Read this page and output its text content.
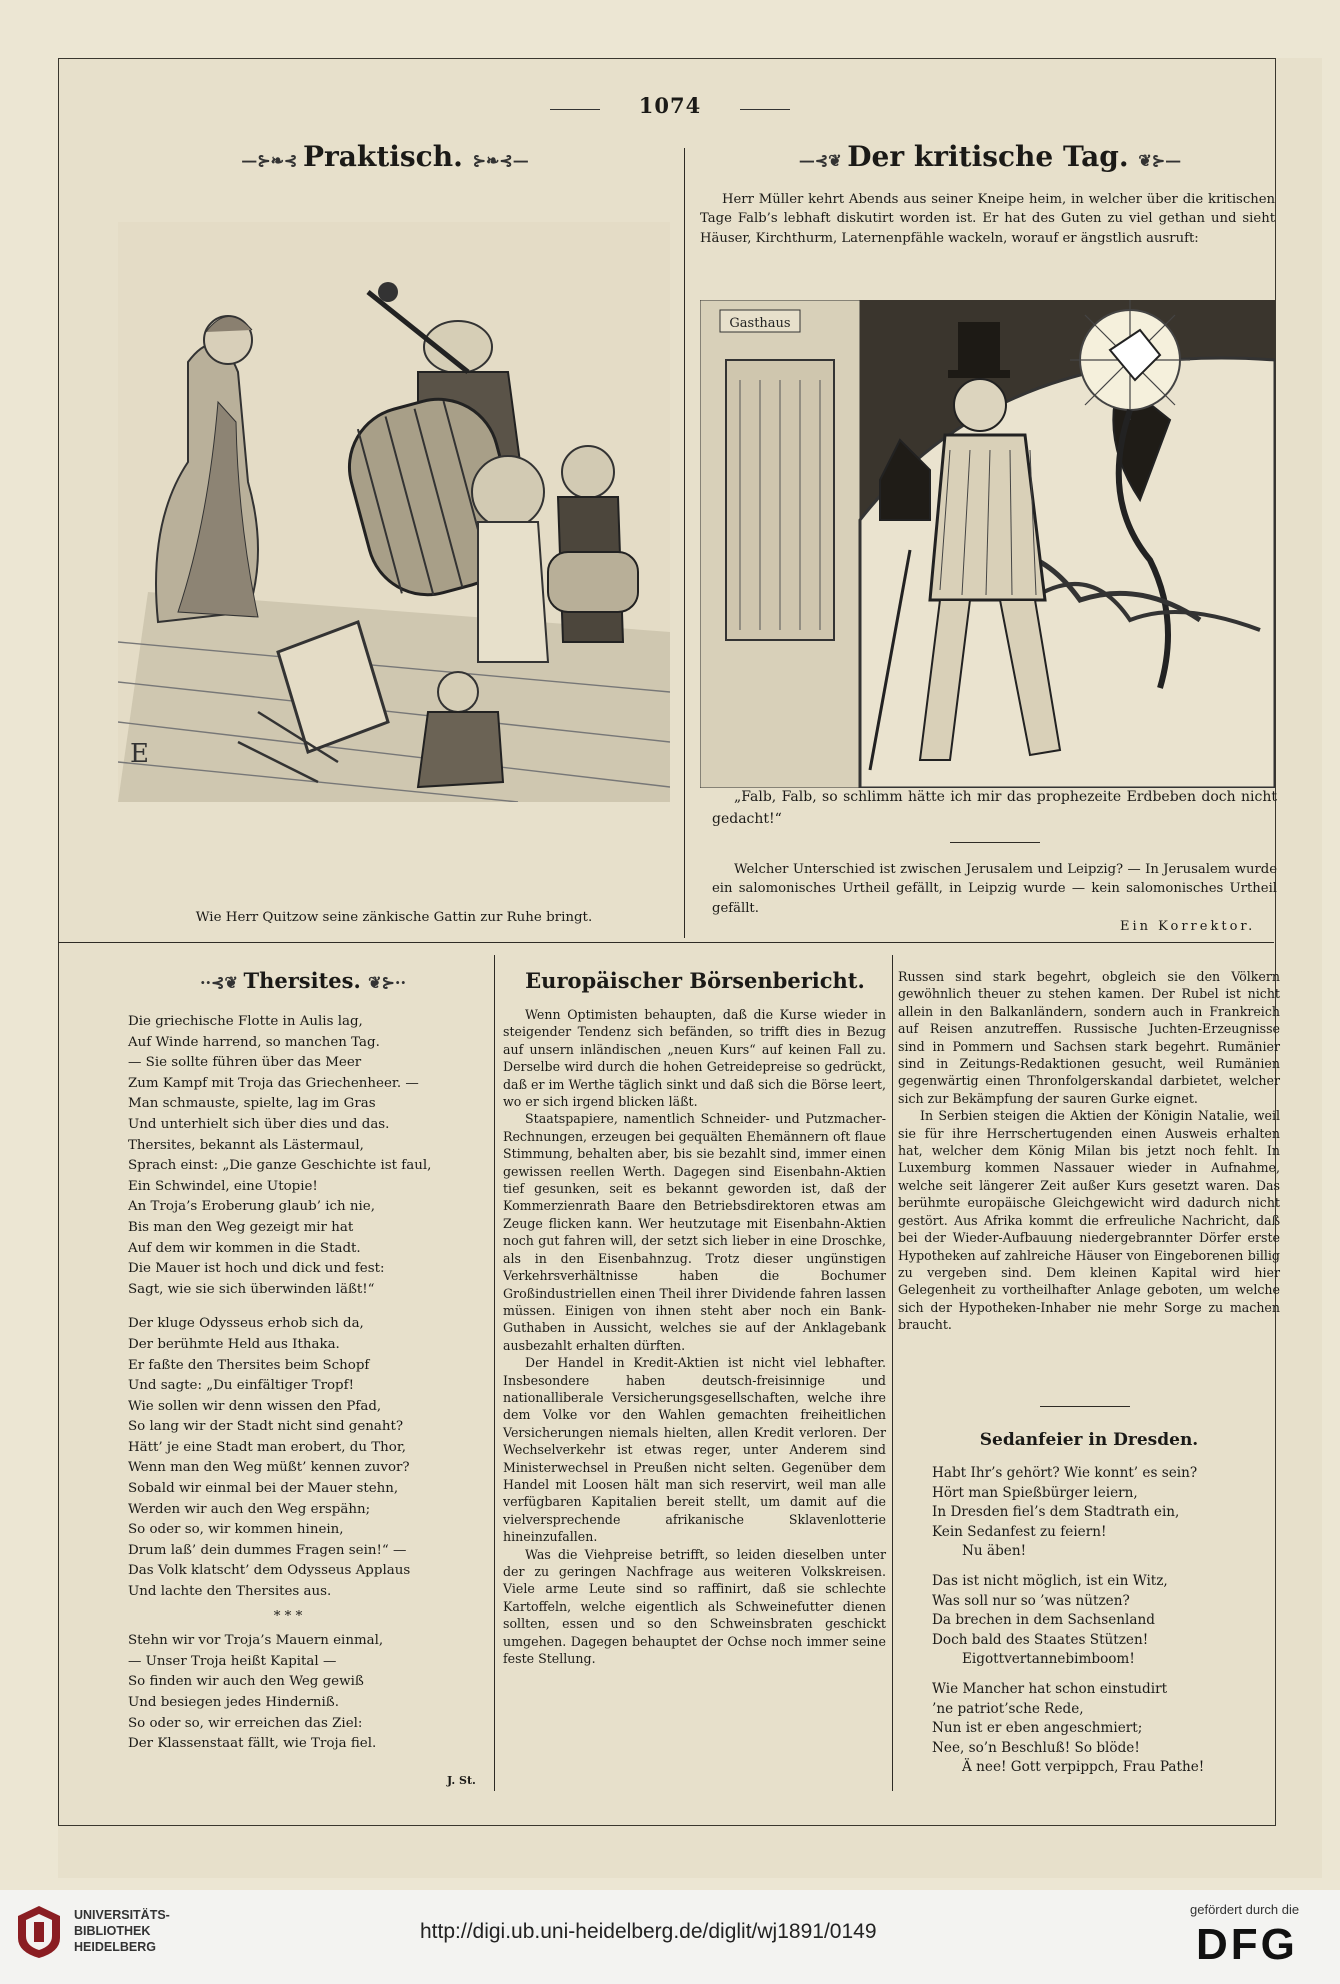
1074
—⊱❧⊰ Praktisch. ⊱❧⊰—
E
Wie Herr Quitzow seine zänkische Gattin zur Ruhe bringt.
—⊰❦ Der kritische Tag. ❦⊱—

Herr Müller kehrt Abends aus seiner Kneipe heim, in welcher über die kritischen Tage Falb’s lebhaft diskutirt worden ist. Er hat des Guten zu viel gethan und sieht Häuser, Kirchthurm, Laternenpfähle wackeln, worauf er ängstlich ausruft:

Gasthaus

„Falb, Falb, so schlimm hätte ich mir das prophezeite Erdbeben doch nicht gedacht!“

Welcher Unterschied ist zwischen Jerusalem und Leipzig? — In Jerusalem wurde ein salomonisches Urtheil gefällt, in Leipzig wurde — kein salomonisches Urtheil gefällt.

Ein Korrektor.
··⊰❦ Thersites. ❦⊱··
Die griechische Flotte in Aulis lag,
Auf Winde harrend, so manchen Tag.
— Sie sollte führen über das Meer
Zum Kampf mit Troja das Griechenheer. —
Man schmauste, spielte, lag im Gras
Und unterhielt sich über dies und das.
Thersites, bekannt als Lästermaul,
Sprach einst: „Die ganze Geschichte ist faul,
Ein Schwindel, eine Utopie!
An Troja’s Eroberung glaub’ ich nie,
Bis man den Weg gezeigt mir hat
Auf dem wir kommen in die Stadt.
Die Mauer ist hoch und dick und fest:
Sagt, wie sie sich überwinden läßt!“
Der kluge Odysseus erhob sich da,
Der berühmte Held aus Ithaka.
Er faßte den Thersites beim Schopf
Und sagte: „Du einfältiger Tropf!
Wie sollen wir denn wissen den Pfad,
So lang wir der Stadt nicht sind genaht?
Hätt’ je eine Stadt man erobert, du Thor,
Wenn man den Weg müßt’ kennen zuvor?
Sobald wir einmal bei der Mauer stehn,
Werden wir auch den Weg erspähn;
So oder so, wir kommen hinein,
Drum laß’ dein dummes Fragen sein!“ —
Das Volk klatscht’ dem Odysseus Applaus
Und lachte den Thersites aus.
* * *
Stehn wir vor Troja’s Mauern einmal,
— Unser Troja heißt Kapital —
So finden wir auch den Weg gewiß
Und besiegen jedes Hinderniß.
So oder so, wir erreichen das Ziel:
Der Klassenstaat fällt, wie Troja fiel.
J. St.
Europäischer Börsenbericht.

Wenn Optimisten behaupten, daß die Kurse wieder in steigender Tendenz sich befänden, so trifft dies in Bezug auf unsern inländischen „neuen Kurs“ auf keinen Fall zu. Derselbe wird durch die hohen Getreidepreise so gedrückt, daß er im Werthe täglich sinkt und daß sich die Börse leert, wo er sich irgend blicken läßt.

Staatspapiere, namentlich Schneider- und Putzmacher-Rechnungen, erzeugen bei gequälten Ehemännern oft flaue Stimmung, behalten aber, bis sie bezahlt sind, immer einen gewissen reellen Werth. Dagegen sind Eisenbahn-Aktien tief gesunken, seit es bekannt geworden ist, daß der Kommerzienrath Baare den Betriebsdirektoren etwas am Zeuge flicken kann. Wer heutzutage mit Eisenbahn-Aktien noch gut fahren will, der setzt sich lieber in eine Droschke, als in den Eisenbahnzug. Trotz dieser ungünstigen Verkehrsverhältnisse haben die Bochumer Großindustriellen einen Theil ihrer Dividende fahren lassen müssen. Einigen von ihnen steht aber noch ein Bank-Guthaben in Aussicht, welches sie auf der Anklagebank ausbezahlt erhalten dürften.

Der Handel in Kredit-Aktien ist nicht viel lebhafter. Insbesondere haben deutsch-freisinnige und nationalliberale Versicherungsgesellschaften, welche ihre dem Volke vor den Wahlen gemachten freiheitlichen Versicherungen niemals hielten, allen Kredit verloren. Der Wechselverkehr ist etwas reger, unter Anderem sind Ministerwechsel in Preußen nicht selten. Gegenüber dem Handel mit Loosen hält man sich reservirt, weil man alle verfügbaren Kapitalien bereit stellt, um damit auf die vielversprechende afrikanische Sklavenlotterie hineinzufallen.

Was die Viehpreise betrifft, so leiden dieselben unter der zu geringen Nachfrage aus weiteren Volkskreisen. Viele arme Leute sind so raffinirt, daß sie schlechte Kartoffeln, welche eigentlich als Schweinefutter dienen sollten, essen und so den Schweinsbraten geschickt umgehen. Dagegen behauptet der Ochse noch immer seine feste Stellung.

Russen sind stark begehrt, obgleich sie den Völkern gewöhnlich theuer zu stehen kamen. Der Rubel ist nicht allein in den Balkanländern, sondern auch in Frankreich auf Reisen anzutreffen. Russische Juchten-Erzeugnisse sind in Pommern und Sachsen stark begehrt. Rumänier sind in Zeitungs-Redaktionen gesucht, weil Rumänien gegenwärtig einen Thronfolgerskandal darbietet, welcher sich zur Bekämpfung der sauren Gurke eignet.

In Serbien steigen die Aktien der Königin Natalie, weil sie für ihre Herrschertugenden einen Ausweis erhalten hat, welcher dem König Milan bis jetzt noch fehlt. In Luxemburg kommen Nassauer wieder in Aufnahme, welche seit längerer Zeit außer Kurs gesetzt waren. Das berühmte europäische Gleichgewicht wird dadurch nicht gestört. Aus Afrika kommt die erfreuliche Nachricht, daß bei der Wieder-Aufbauung niedergebrannter Dörfer erste Hypotheken auf zahlreiche Häuser von Eingeborenen billig zu vergeben sind. Dem kleinen Kapital wird hier Gelegenheit zu vortheilhafter Anlage geboten, um welche sich der Hypotheken-Inhaber nie mehr Sorge zu machen braucht.

Sedanfeier in Dresden.
Habt Ihr’s gehört? Wie konnt’ es sein?
Hört man Spießbürger leiern,
In Dresden fiel’s dem Stadtrath ein,
Kein Sedanfest zu feiern!
Nu äben!
Das ist nicht möglich, ist ein Witz,
Was soll nur so ’was nützen?
Da brechen in dem Sachsenland
Doch bald des Staates Stützen!
Eigottvertannebimboom!
Wie Mancher hat schon einstudirt
’ne patriot’sche Rede,
Nun ist er eben angeschmiert;
Nee, so’n Beschluß! So blöde!
Ä nee! Gott verpippch, Frau Pathe!
UNIVERSITÄTS-
BIBLIOTHEK
HEIDELBERG
http://digi.ub.uni-heidelberg.de/diglit/wj1891/0149
gefördert durch die
DFG
